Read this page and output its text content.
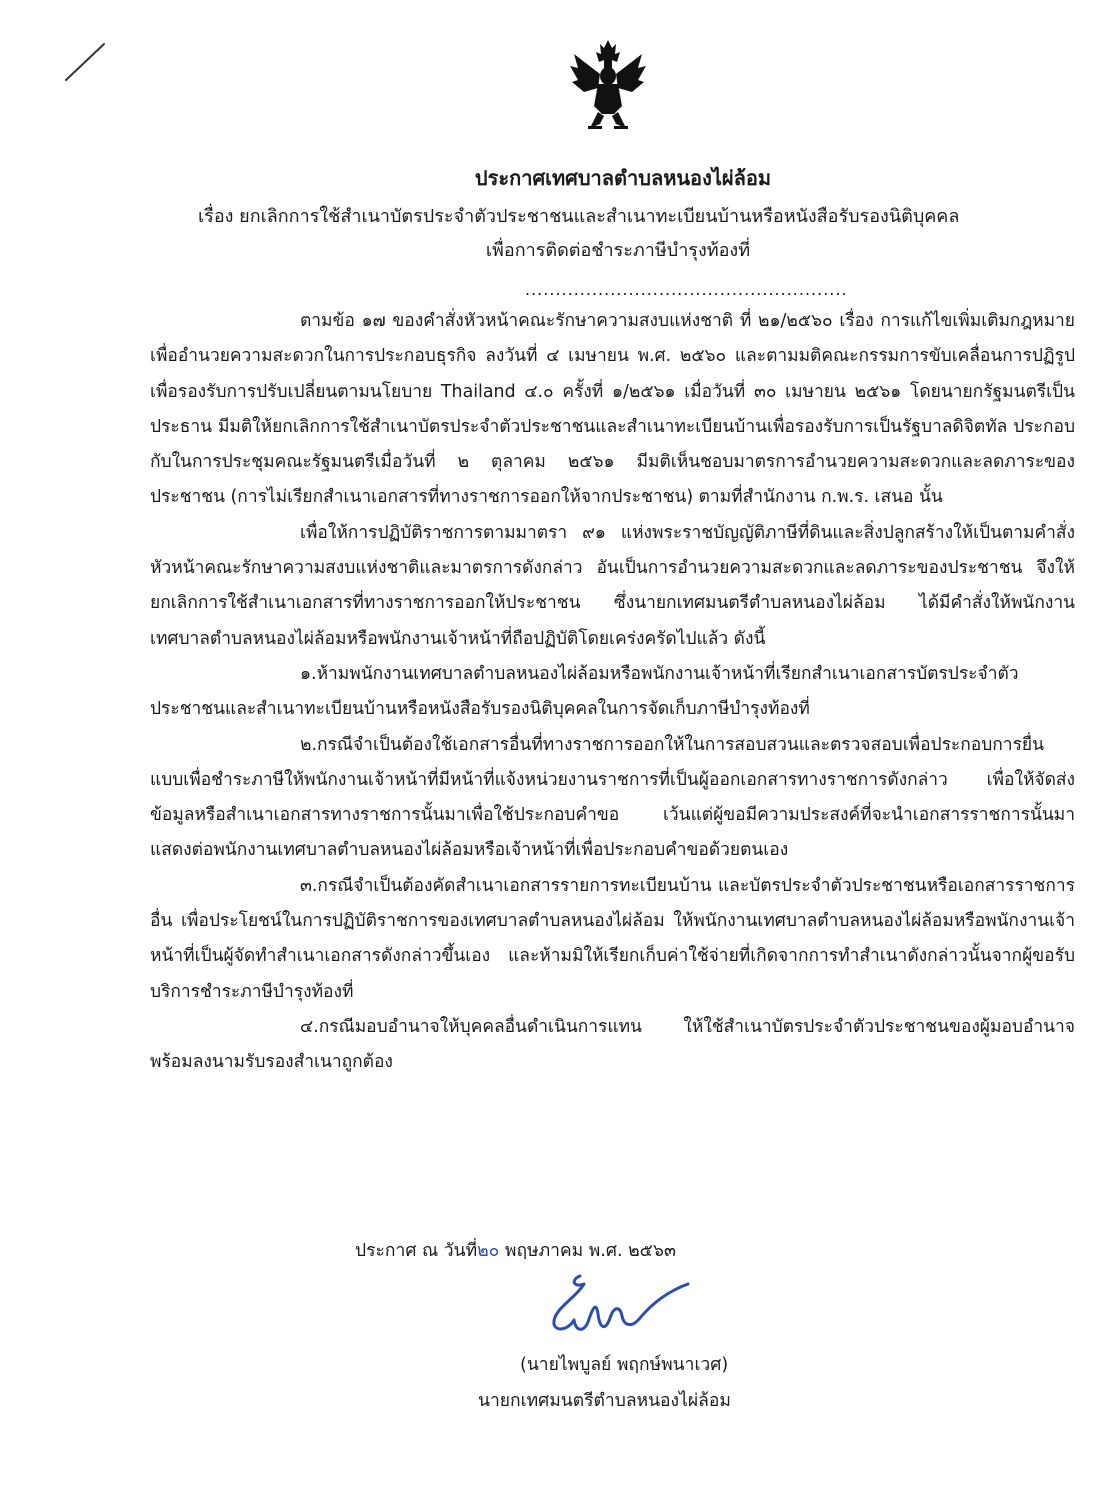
ประกาศเทศบาลตำบลหนองไผ่ล้อม
เรื่อง ยกเลิกการใช้สำเนาบัตรประจำตัวประชาชนและสำเนาทะเบียนบ้านหรือหนังสือรับรองนิติบุคคล
เพื่อการติดต่อชำระภาษีบำรุงท้องที่
.....................................................

ตามข้อ ๑๗ ของคำสั่งหัวหน้าคณะรักษาความสงบแห่งชาติ ที่ ๒๑/๒๕๖๐ เรื่อง การแก้ไขเพิ่มเติมกฎหมาย เพื่ออำนวยความสะดวกในการประกอบธุรกิจ ลงวันที่ ๔ เมษายน พ.ศ. ๒๕๖๐ และตามมติคณะกรรมการขับเคลื่อนการปฏิรูปเพื่อรองรับการปรับเปลี่ยนตามนโยบาย Thailand ๔.๐ ครั้งที่ ๑/๒๕๖๑ เมื่อวันที่ ๓๐ เมษายน ๒๕๖๑ โดยนายกรัฐมนตรีเป็นประธาน มีมติให้ยกเลิกการใช้สำเนาบัตรประจำตัวประชาชนและสำเนาทะเบียนบ้านเพื่อรองรับการเป็นรัฐบาลดิจิตทัล ประกอบกับในการประชุมคณะรัฐมนตรีเมื่อวันที่ ๒ ตุลาคม ๒๕๖๑ มีมติเห็นชอบมาตรการอำนวยความสะดวกและลดภาระของประชาชน (การไม่เรียกสำเนาเอกสารที่ทางราชการออกให้จากประชาชน) ตามที่สำนักงาน ก.พ.ร. เสนอ นั้น

เพื่อให้การปฏิบัติราชการตามมาตรา ๙๑ แห่งพระราชบัญญัติภาษีที่ดินและสิ่งปลูกสร้างให้เป็นตามคำสั่งหัวหน้าคณะรักษาความสงบแห่งชาติและมาตรการดังกล่าว อันเป็นการอำนวยความสะดวกและลดภาระของประชาชน จึงให้ยกเลิกการใช้สำเนาเอกสารที่ทางราชการออกให้ประชาชน ซึ่งนายกเทศมนตรีตำบลหนองไผ่ล้อม ได้มีคำสั่งให้พนักงานเทศบาลตำบลหนองไผ่ล้อมหรือพนักงานเจ้าหน้าที่ถือปฏิบัติโดยเคร่งครัดไปแล้ว ดังนี้

๑.ห้ามพนักงานเทศบาลตำบลหนองไผ่ล้อมหรือพนักงานเจ้าหน้าที่เรียกสำเนาเอกสารบัตรประจำตัวประชาชนและสำเนาทะเบียนบ้านหรือหนังสือรับรองนิติบุคคลในการจัดเก็บภาษีบำรุงท้องที่

๒.กรณีจำเป็นต้องใช้เอกสารอื่นที่ทางราชการออกให้ในการสอบสวนและตรวจสอบเพื่อประกอบการยื่นแบบเพื่อชำระภาษีให้พนักงานเจ้าหน้าที่มีหน้าที่แจ้งหน่วยงานราชการที่เป็นผู้ออกเอกสารทางราชการดังกล่าว เพื่อให้จัดส่งข้อมูลหรือสำเนาเอกสารทางราชการนั้นมาเพื่อใช้ประกอบคำขอ เว้นแต่ผู้ขอมีความประสงค์ที่จะนำเอกสารราชการนั้นมาแสดงต่อพนักงานเทศบาลตำบลหนองไผ่ล้อมหรือเจ้าหน้าที่เพื่อประกอบคำขอด้วยตนเอง

๓.กรณีจำเป็นต้องคัดสำเนาเอกสารรายการทะเบียนบ้าน และบัตรประจำตัวประชาชนหรือเอกสารราชการอื่น เพื่อประโยชน์ในการปฏิบัติราชการของเทศบาลตำบลหนองไผ่ล้อม ให้พนักงานเทศบาลตำบลหนองไผ่ล้อมหรือพนักงานเจ้าหน้าที่เป็นผู้จัดทำสำเนาเอกสารดังกล่าวขึ้นเอง และห้ามมิให้เรียกเก็บค่าใช้จ่ายที่เกิดจากการทำสำเนาดังกล่าวนั้นจากผู้ขอรับบริการชำระภาษีบำรุงท้องที่

๔.กรณีมอบอำนาจให้บุคคลอื่นดำเนินการแทน ให้ใช้สำเนาบัตรประจำตัวประชาชนของผู้มอบอำนาจพร้อมลงนามรับรองสำเนาถูกต้อง

ประกาศ ณ วันที่๒๐ พฤษภาคม พ.ศ. ๒๕๖๓
(นายไพบูลย์ พฤกษ์พนาเวศ)
นายกเทศมนตรีตำบลหนองไผ่ล้อม
